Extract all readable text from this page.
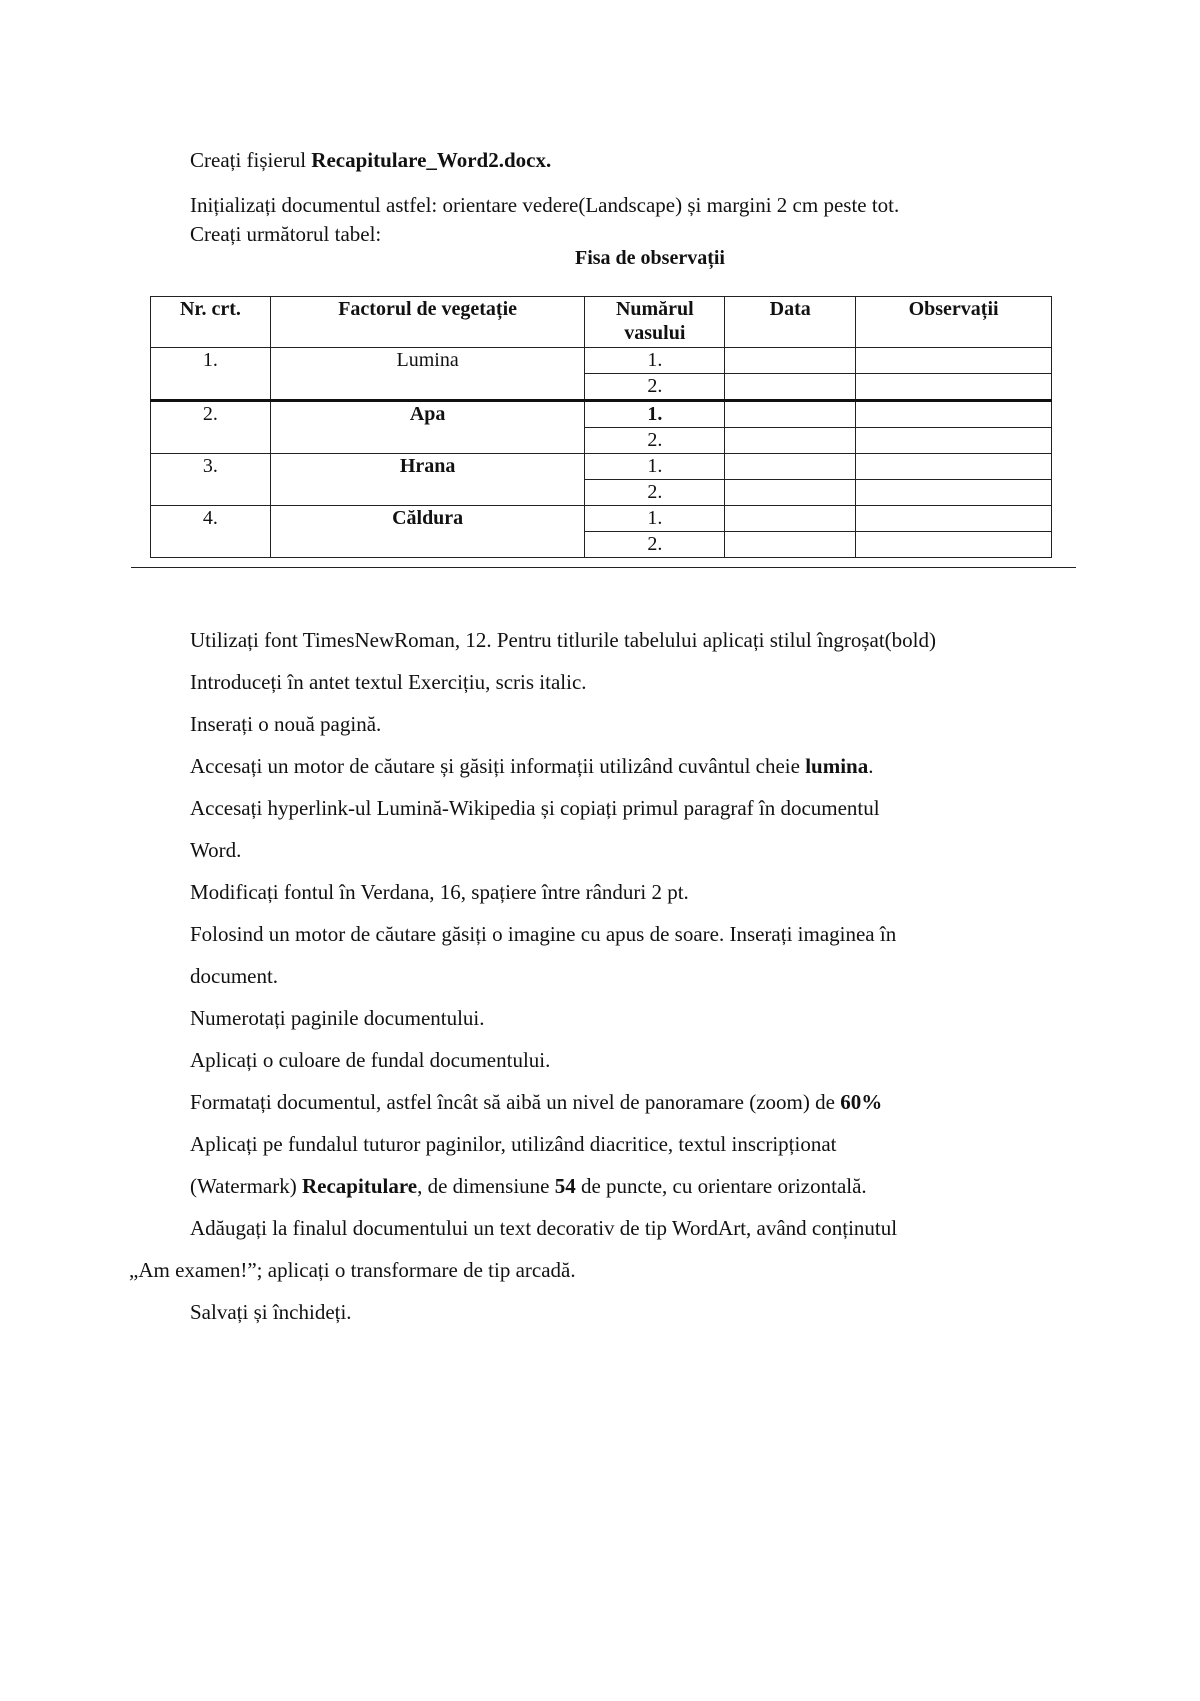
Creați fișierul Recapitulare_Word2.docx.
Inițializați documentul astfel: orientare vedere(Landscape) și margini 2 cm peste tot.
Creați următorul tabel:
Fisa de observații
Nr. crt.	Factorul de vegetație	Numărul vasului	Data	Observații
1.	Lumina	1.		
		2.		
2.	Apa	1.		
		2.		
3.	Hrana	1.		
		2.		
4.	Căldura	1.		
		2.		
Utilizați font TimesNewRoman, 12. Pentru titlurile tabelului aplicați stilul îngroșat(bold)
Introduceți în antet textul Exercițiu, scris italic.
Inserați o nouă pagină.
Accesați un motor de căutare și găsiți informații utilizând cuvântul cheie lumina.
Accesați hyperlink-ul Lumină-Wikipedia și copiați primul paragraf în documentul
Word.
Modificați fontul în Verdana, 16, spațiere între rânduri 2 pt.
Folosind un motor de căutare găsiți o imagine cu apus de soare. Inserați imaginea în
document.
Numerotați paginile documentului.
Aplicați o culoare de fundal documentului.
Formatați documentul, astfel încât să aibă un nivel de panoramare (zoom) de 60%
Aplicați pe fundalul tuturor paginilor, utilizând diacritice, textul inscripționat
(Watermark) Recapitulare, de dimensiune 54 de puncte, cu orientare orizontală.
Adăugați la finalul documentului un text decorativ de tip WordArt, având conținutul
„Am examen!”; aplicați o transformare de tip arcadă.
Salvați și închideți.
